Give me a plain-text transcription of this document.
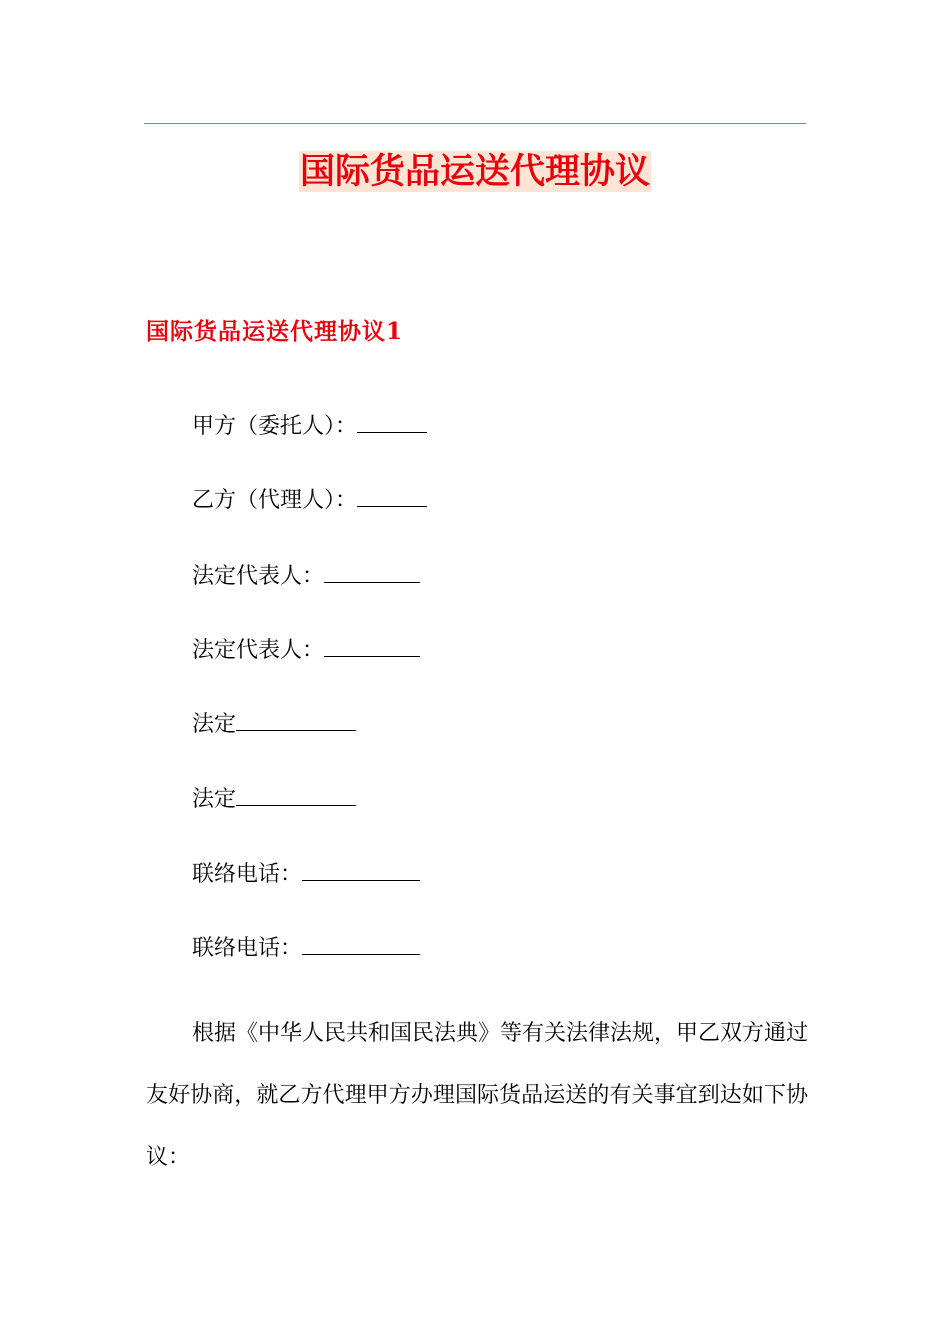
国际货品运送代理协议
国际货品运送代理协议1
甲方（委托人）：
乙方（代理人）：
法定代表人：
法定代表人：
法定
法定
联络电话：
联络电话：

根据《中华人民共和国民法典》等有关法律法规，甲乙双方通过友好协商，就乙方代理甲方办理国际货品运送的有关事宜到达如下协议：
